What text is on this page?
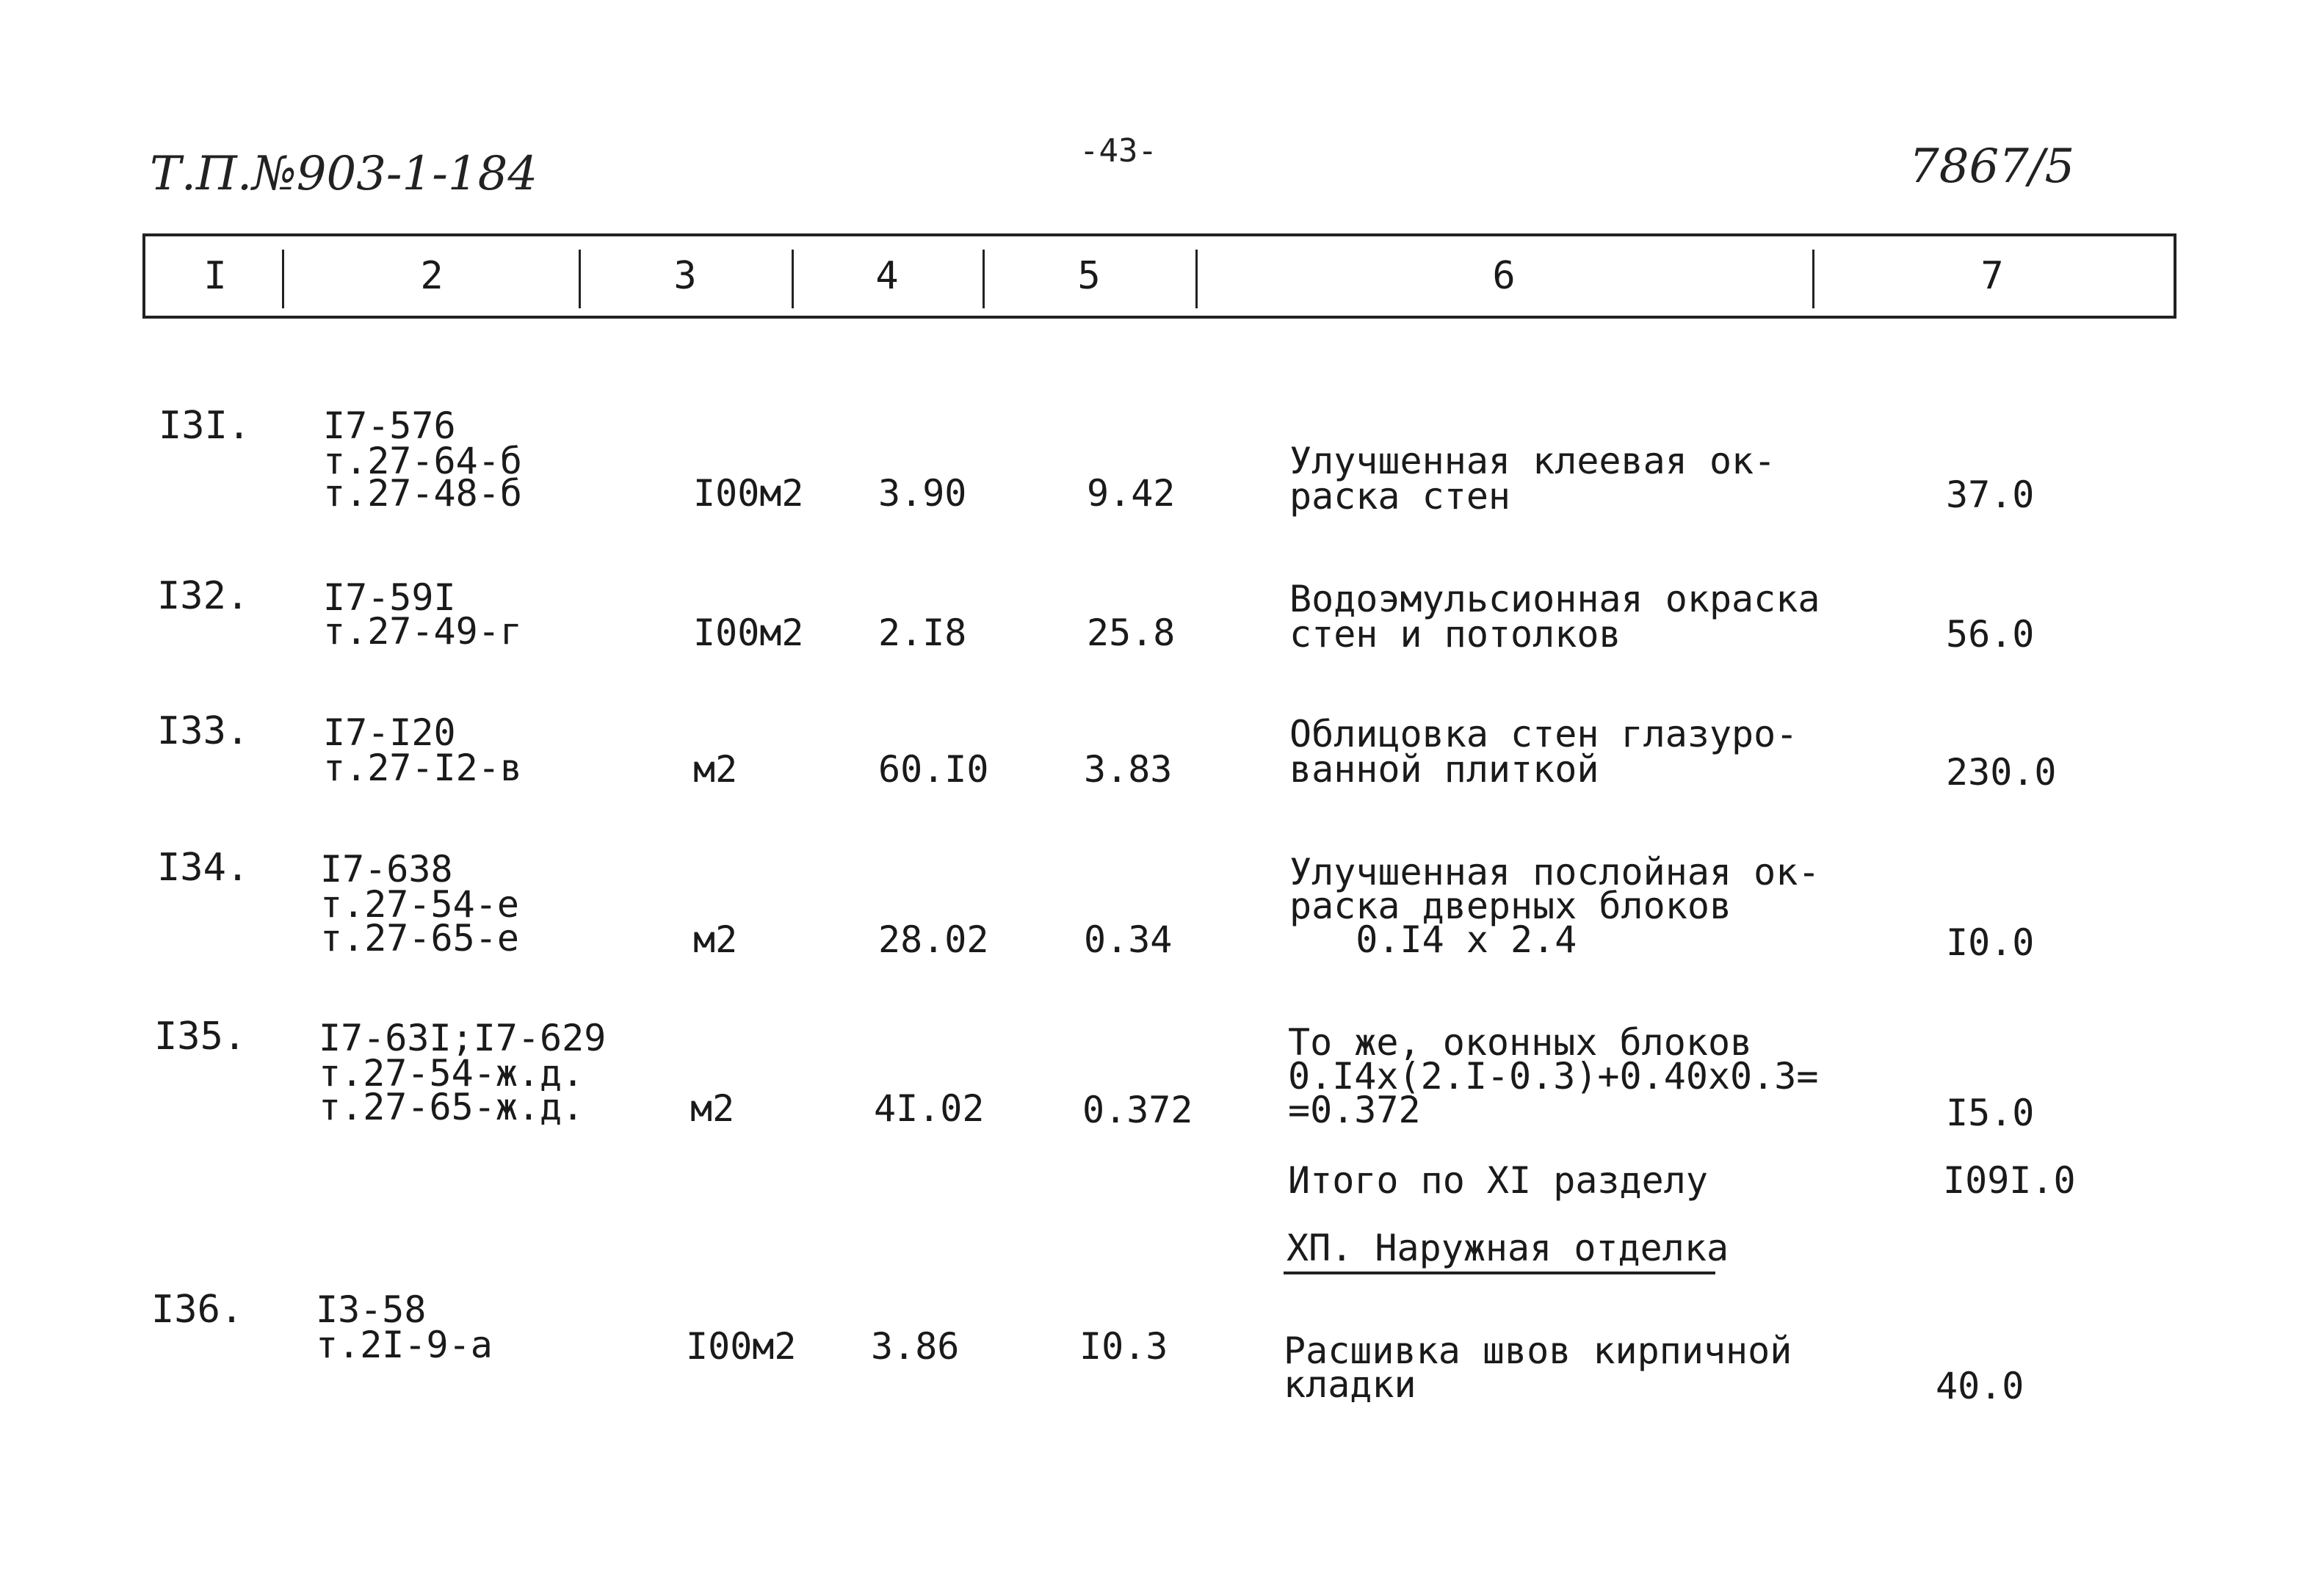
Т.П.№903-1-184	-43-	7867/5
I	2	3	4	5	6	7
I3I. I7-576
т.27-64-б
т.27-48-б	I00м2 3.90	9.42
Улучшенная клеевая ок-
раска стен	37.0
I32. I7-59I
т.27-49-г	I00м2 2.I8	25.8
Водоэмульсионная окраска
стен и потолков	56.0
I33. I7-I20
т.27-I2-в	м2	60.I0	3.83
Облицовка стен глазуро-
ванной плиткой	230.0
I34. I7-638
т.27-54-е
т.27-65-е	м2	28.02	0.34
Улучшенная послойная ок-
раска дверных блоков
0.I4 x 2.4	I0.0
I35. I7-63I;I7-629
т.27-54-ж.д.
т.27-65-ж.д.	м2	4I.02	0.372
То же, оконных блоков
0.I4x(2.I-0.3)+0.40x0.3=
=0.372	I5.0
Итого по XI разделу	I09I.0
XП. Наружная отделка
I36. I3-58
т.2I-9-а	I00м2 3.86	I0.3	Расшивка швов кирпичной
кладки	40.0
